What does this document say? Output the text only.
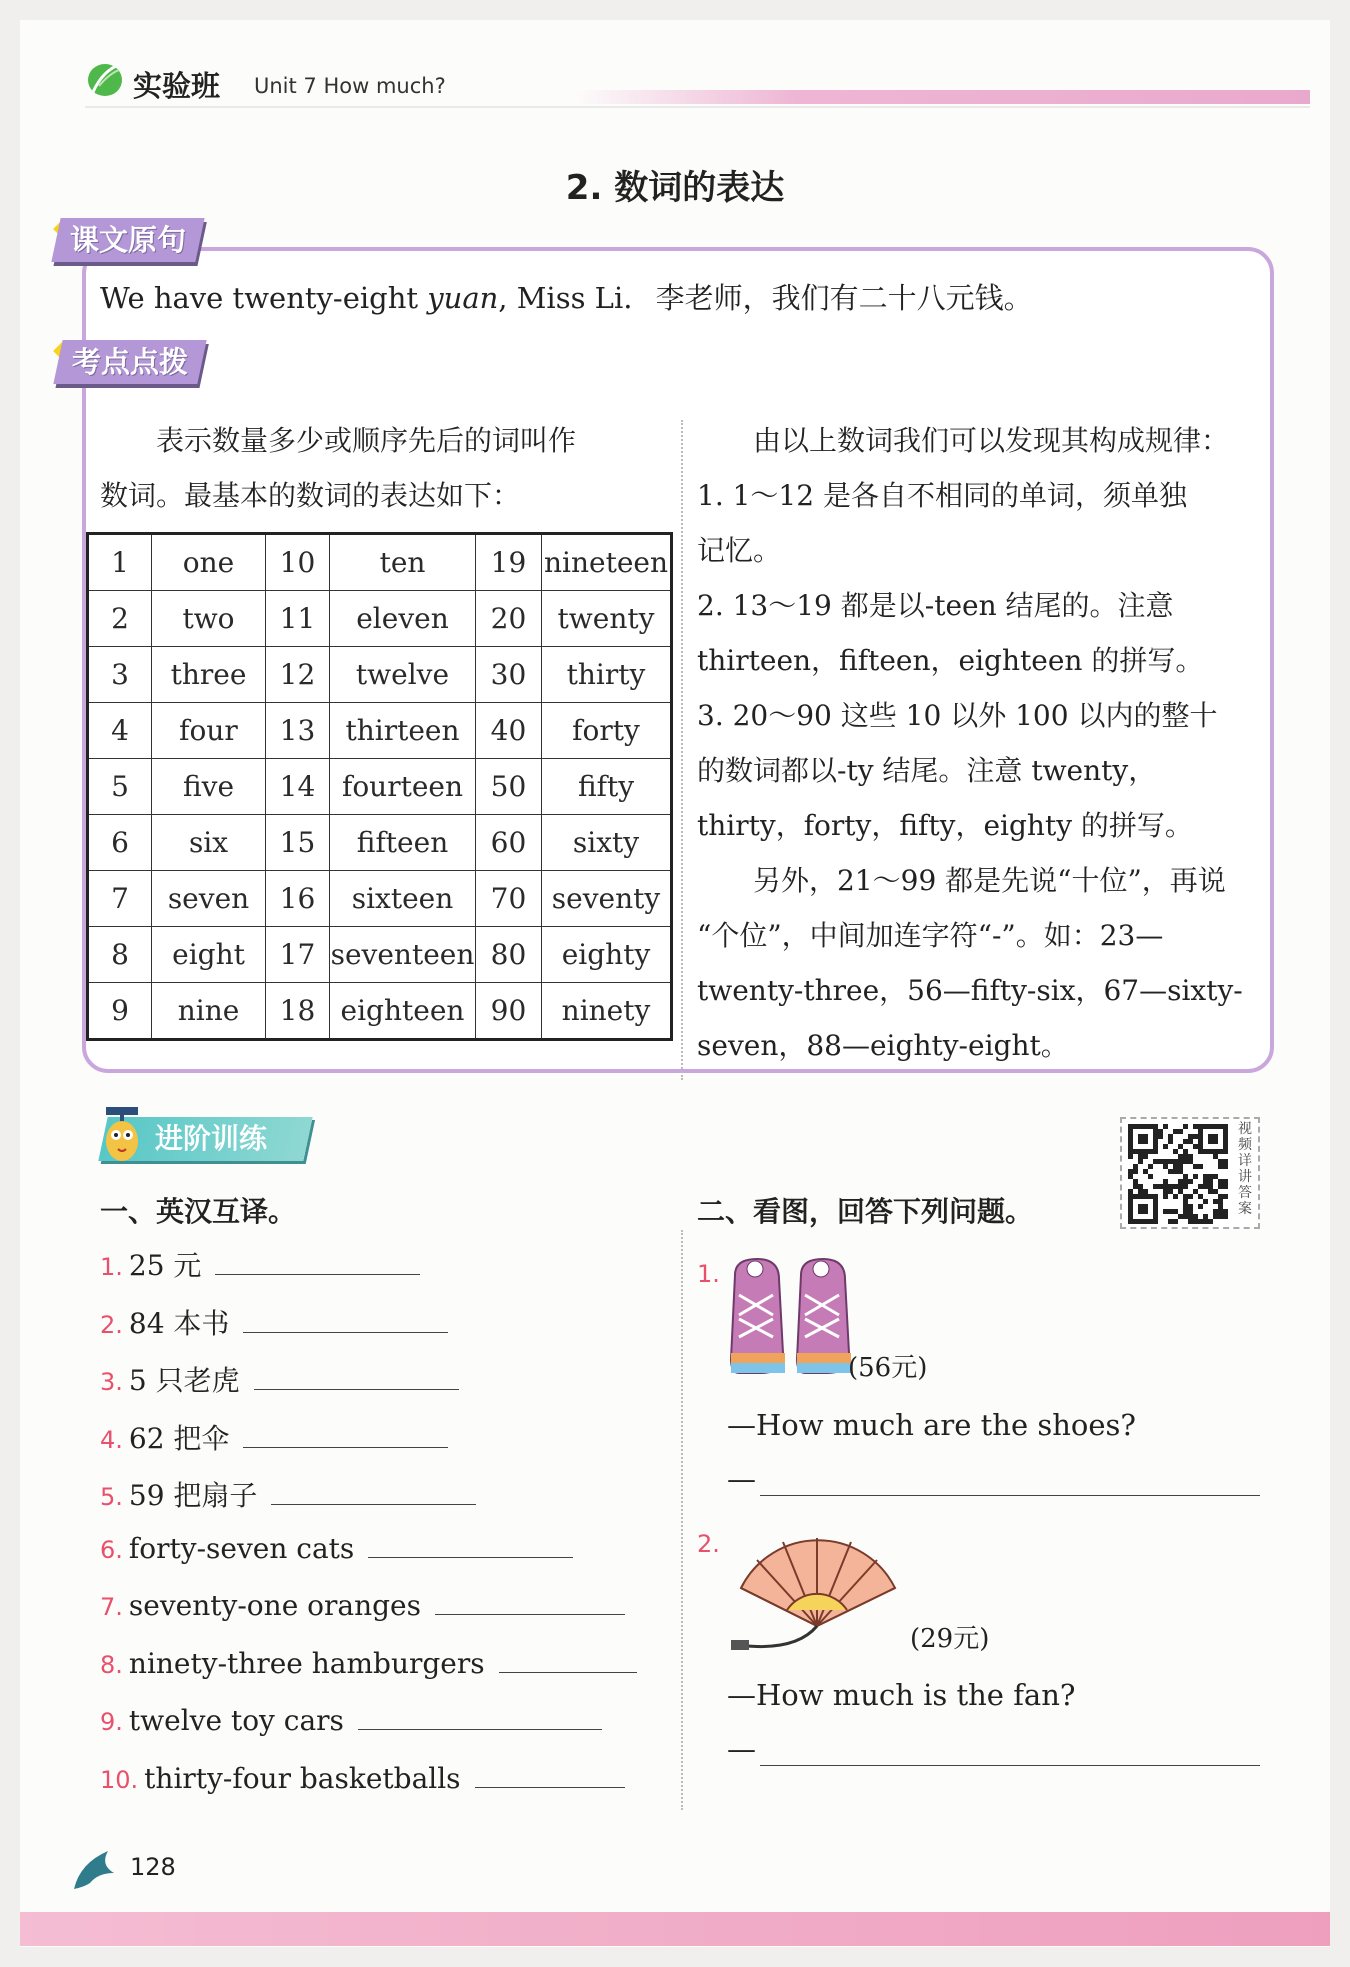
实验班 Unit 7 How much?
2. 数词的表达
课文原句
We have twenty-eight yuan, Miss Li. 李老师，我们有二十八元钱。
考点点拨
　　表示数量多少或顺序先后的词叫作
数词。最基本的数词的表达如下：
1	one	10	ten	19	nineteen
2	two	11	eleven	20	twenty
3	three	12	twelve	30	thirty
4	four	13	thirteen	40	forty
5	five	14	fourteen	50	fifty
6	six	15	fifteen	60	sixty
7	seven	16	sixteen	70	seventy
8	eight	17	seventeen	80	eighty
9	nine	18	eighteen	90	ninety
　　由以上数词我们可以发现其构成规律：
1. 1～12 是各自不相同的单词，须单独
记忆。
2. 13～19 都是以-teen 结尾的。注意
thirteen，fifteen，eighteen 的拼写。
3. 20～90 这些 10 以外 100 以内的整十
的数词都以-ty 结尾。注意 twenty，
thirty，forty，fifty，eighty 的拼写。
　　另外，21～99 都是先说“十位”，再说
“个位”，中间加连字符“-”。如：23—
twenty-three，56—fifty-six，67—sixty-
seven，88—eighty-eight。
进阶训练
一、英汉互译。	二、看图，回答下列问题。
视频详讲答案
1. 25 元
2. 84 本书
3. 5 只老虎
4. 62 把伞
5. 59 把扇子
6. forty-seven cats
7. seventy-one oranges
8. ninety-three hamburgers
9. twelve toy cars
10. thirty-four basketballs
1.
(56元)
—How much are the shoes?
—
2.
(29元)
—How much is the fan?
—
128
